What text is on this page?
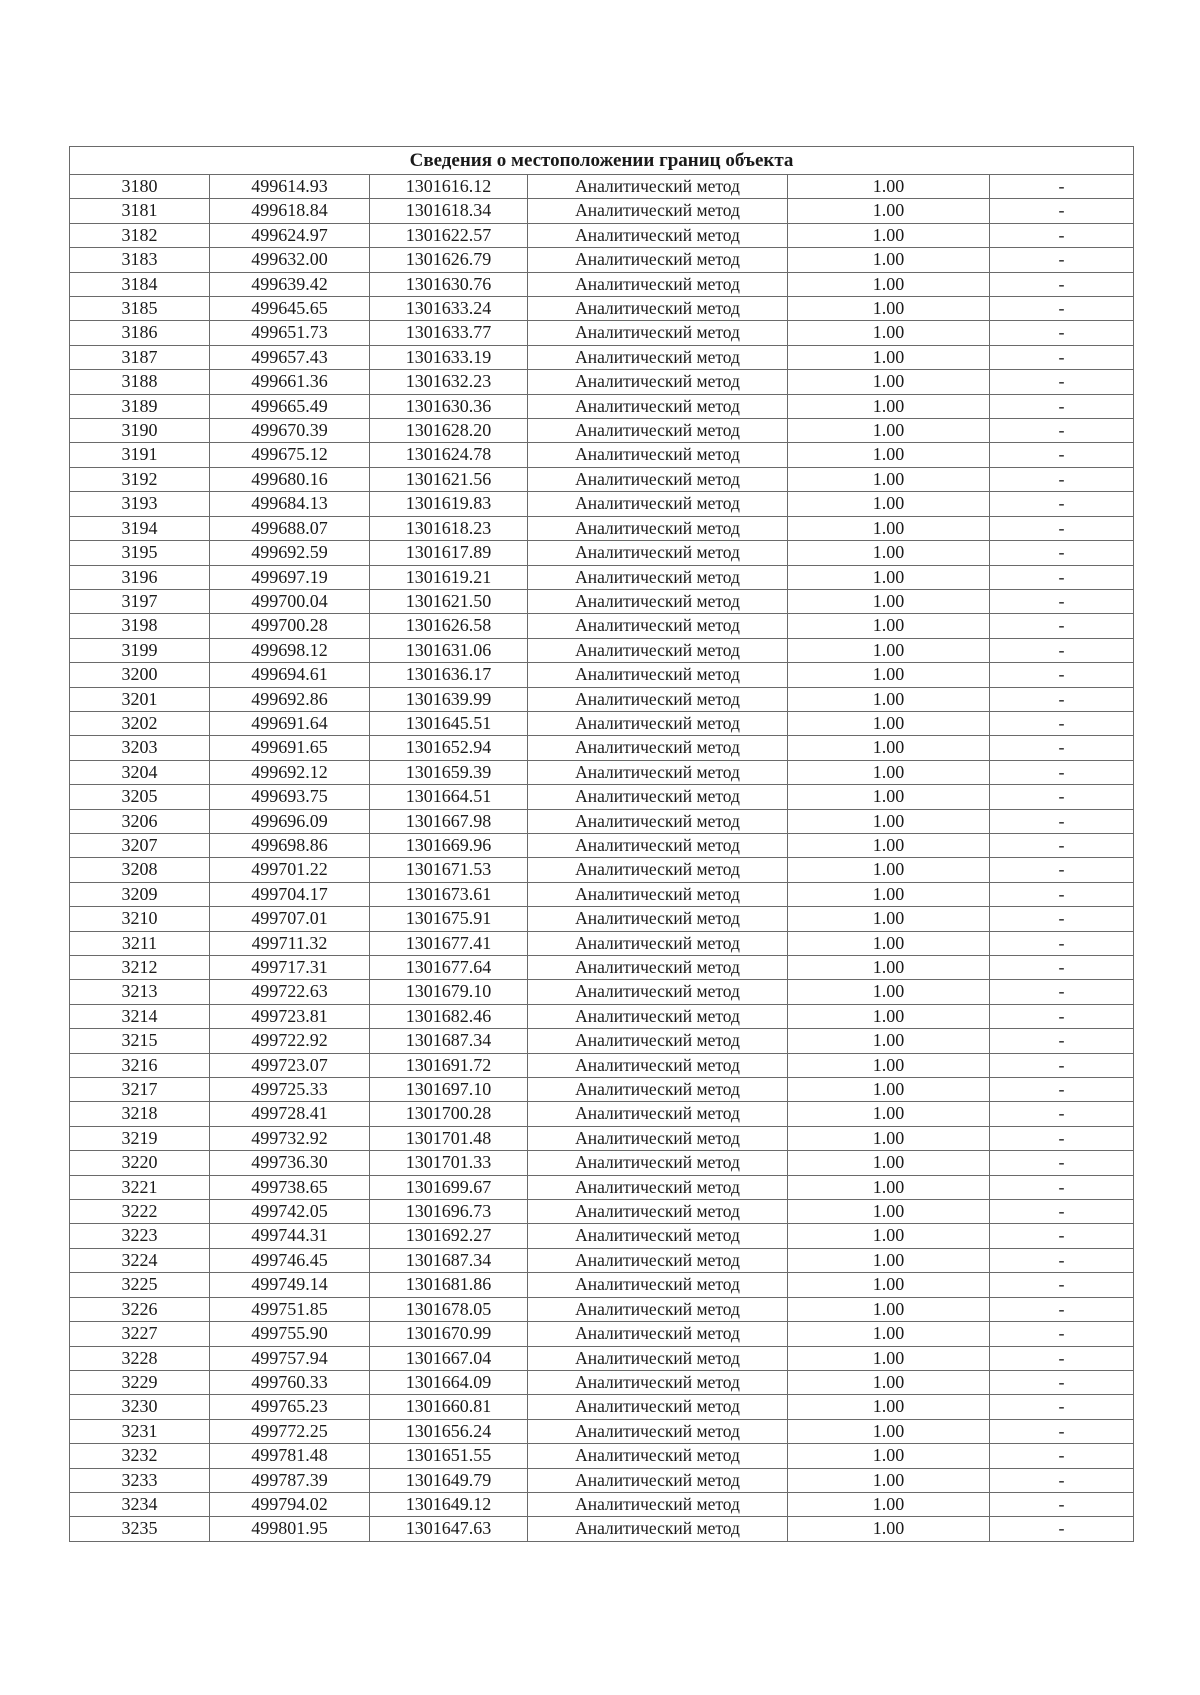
Сведения о местоположении границ объекта					
3180	499614.93	1301616.12	Аналитический метод	1.00	-
3181	499618.84	1301618.34	Аналитический метод	1.00	-
3182	499624.97	1301622.57	Аналитический метод	1.00	-
3183	499632.00	1301626.79	Аналитический метод	1.00	-
3184	499639.42	1301630.76	Аналитический метод	1.00	-
3185	499645.65	1301633.24	Аналитический метод	1.00	-
3186	499651.73	1301633.77	Аналитический метод	1.00	-
3187	499657.43	1301633.19	Аналитический метод	1.00	-
3188	499661.36	1301632.23	Аналитический метод	1.00	-
3189	499665.49	1301630.36	Аналитический метод	1.00	-
3190	499670.39	1301628.20	Аналитический метод	1.00	-
3191	499675.12	1301624.78	Аналитический метод	1.00	-
3192	499680.16	1301621.56	Аналитический метод	1.00	-
3193	499684.13	1301619.83	Аналитический метод	1.00	-
3194	499688.07	1301618.23	Аналитический метод	1.00	-
3195	499692.59	1301617.89	Аналитический метод	1.00	-
3196	499697.19	1301619.21	Аналитический метод	1.00	-
3197	499700.04	1301621.50	Аналитический метод	1.00	-
3198	499700.28	1301626.58	Аналитический метод	1.00	-
3199	499698.12	1301631.06	Аналитический метод	1.00	-
3200	499694.61	1301636.17	Аналитический метод	1.00	-
3201	499692.86	1301639.99	Аналитический метод	1.00	-
3202	499691.64	1301645.51	Аналитический метод	1.00	-
3203	499691.65	1301652.94	Аналитический метод	1.00	-
3204	499692.12	1301659.39	Аналитический метод	1.00	-
3205	499693.75	1301664.51	Аналитический метод	1.00	-
3206	499696.09	1301667.98	Аналитический метод	1.00	-
3207	499698.86	1301669.96	Аналитический метод	1.00	-
3208	499701.22	1301671.53	Аналитический метод	1.00	-
3209	499704.17	1301673.61	Аналитический метод	1.00	-
3210	499707.01	1301675.91	Аналитический метод	1.00	-
3211	499711.32	1301677.41	Аналитический метод	1.00	-
3212	499717.31	1301677.64	Аналитический метод	1.00	-
3213	499722.63	1301679.10	Аналитический метод	1.00	-
3214	499723.81	1301682.46	Аналитический метод	1.00	-
3215	499722.92	1301687.34	Аналитический метод	1.00	-
3216	499723.07	1301691.72	Аналитический метод	1.00	-
3217	499725.33	1301697.10	Аналитический метод	1.00	-
3218	499728.41	1301700.28	Аналитический метод	1.00	-
3219	499732.92	1301701.48	Аналитический метод	1.00	-
3220	499736.30	1301701.33	Аналитический метод	1.00	-
3221	499738.65	1301699.67	Аналитический метод	1.00	-
3222	499742.05	1301696.73	Аналитический метод	1.00	-
3223	499744.31	1301692.27	Аналитический метод	1.00	-
3224	499746.45	1301687.34	Аналитический метод	1.00	-
3225	499749.14	1301681.86	Аналитический метод	1.00	-
3226	499751.85	1301678.05	Аналитический метод	1.00	-
3227	499755.90	1301670.99	Аналитический метод	1.00	-
3228	499757.94	1301667.04	Аналитический метод	1.00	-
3229	499760.33	1301664.09	Аналитический метод	1.00	-
3230	499765.23	1301660.81	Аналитический метод	1.00	-
3231	499772.25	1301656.24	Аналитический метод	1.00	-
3232	499781.48	1301651.55	Аналитический метод	1.00	-
3233	499787.39	1301649.79	Аналитический метод	1.00	-
3234	499794.02	1301649.12	Аналитический метод	1.00	-
3235	499801.95	1301647.63	Аналитический метод	1.00	-
